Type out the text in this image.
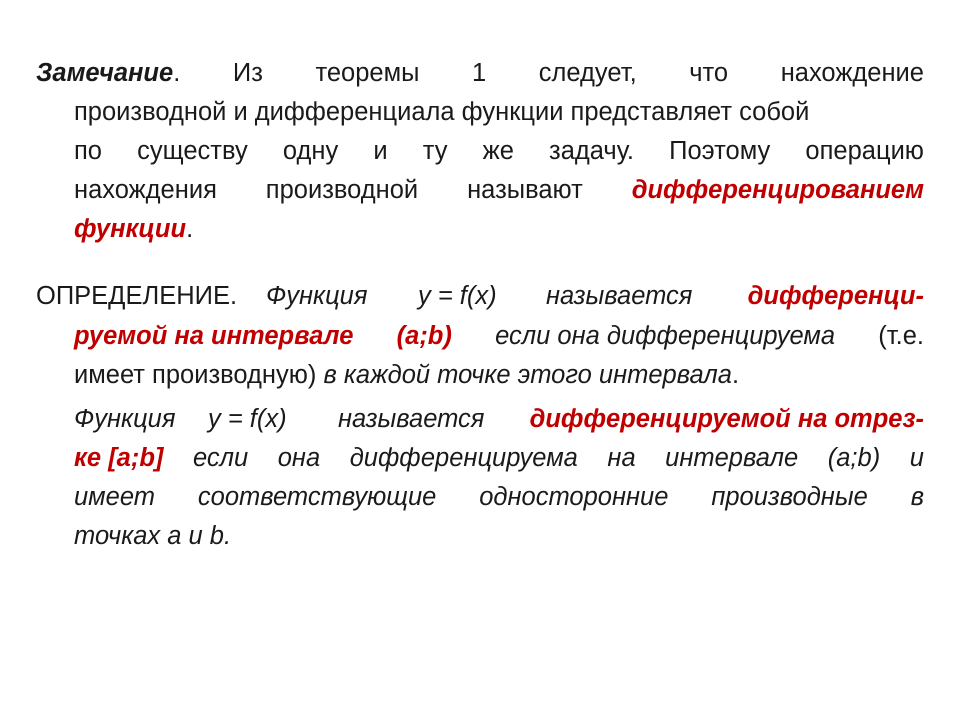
Замечание. Из теоремы 1 следует, что нахождение
производной и дифференциала функции представляет собой
по существу одну и ту же задачу. Поэтому операцию
нахождения производной называют дифференцированием
функции.
ОПРЕДЕЛЕНИЕ. Функция y = f(x) называется дифференци-
руемой на интервале (a;b) если она дифференцируема (т.е.
имеет производную) в каждой точке этого интервала.
Функция y = f(x) называется дифференцируемой на отрез-
ке [a;b] если она дифференцируема на интервале (a;b) и
имеет соответствующие односторонние производные в
точках a и b.
